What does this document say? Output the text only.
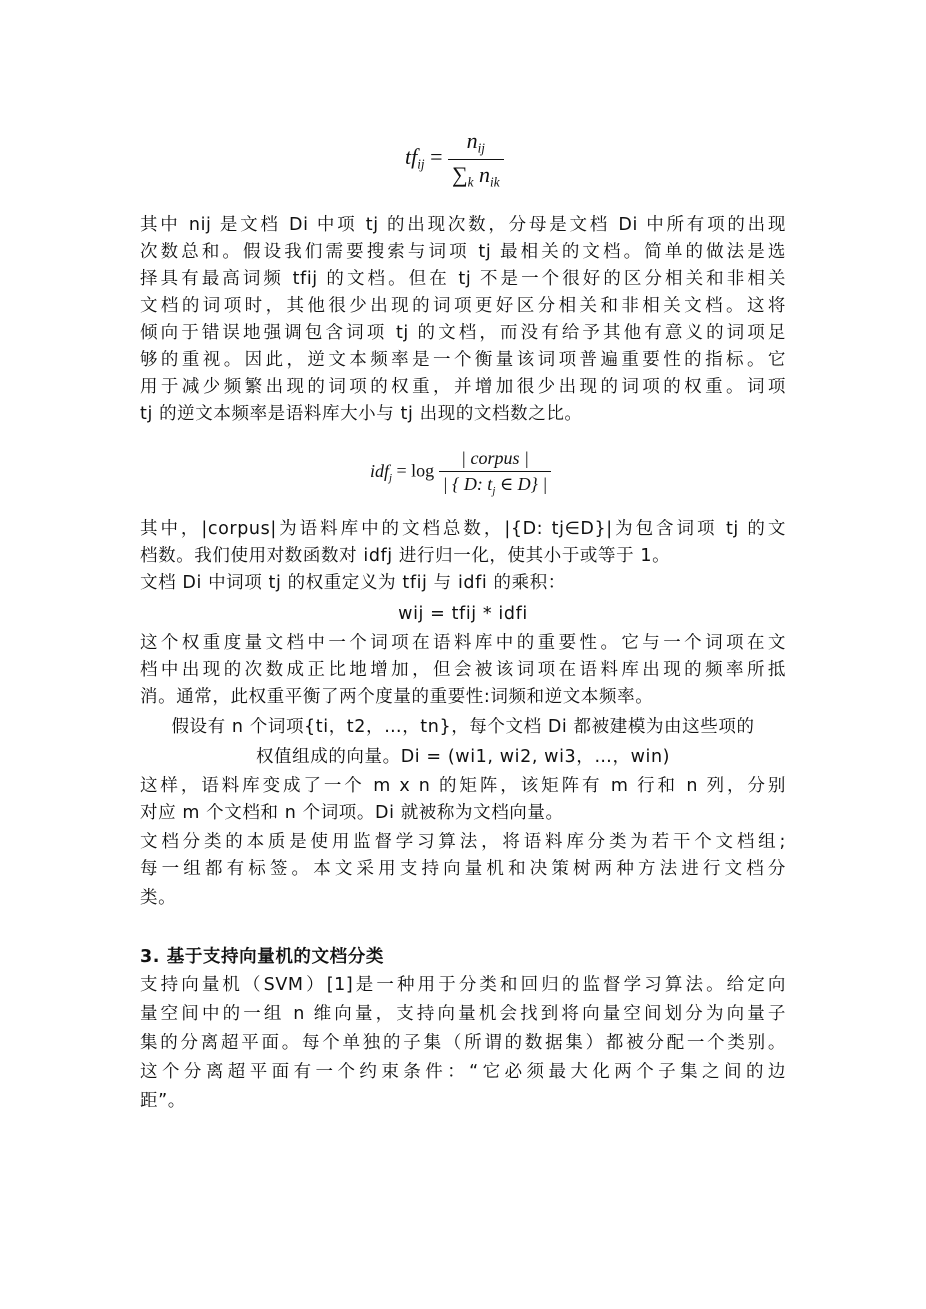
$tf_{ij} = \frac{n_{ij}}{\sum_k n_{ik}}$
其中 nij 是文档 Di 中项 tj 的出现次数，分母是文档 Di 中所有项的出现
次数总和。假设我们需要搜索与词项 tj 最相关的文档。简单的做法是选
择具有最高词频 tfij 的文档。但在 tj 不是一个很好的区分相关和非相关
文档的词项时，其他很少出现的词项更好区分相关和非相关文档。这将
倾向于错误地强调包含词项 tj 的文档，而没有给予其他有意义的词项足
够的重视。因此，逆文本频率是一个衡量该词项普遍重要性的指标。它
用于减少频繁出现的词项的权重，并增加很少出现的词项的权重。词项
tj 的逆文本频率是语料库大小与 tj 出现的文档数之比。
$idf_j = \log \frac{\text{| corpus |}}{| \{ D: t_j \in D\} |}$
其中，|corpus|为语料库中的文档总数，|{D: tj∈D}|为包含词项 tj 的文
档数。我们使用对数函数对 idfj 进行归一化，使其小于或等于 1。
文档 Di 中词项 tj 的权重定义为 tfij 与 idfi 的乘积：
wij = tfij * idfi
这个权重度量文档中一个词项在语料库中的重要性。它与一个词项在文
档中出现的次数成正比地增加，但会被该词项在语料库出现的频率所抵
消。通常，此权重平衡了两个度量的重要性:词频和逆文本频率。
假设有 n 个词项{ti，t2，…，tn}，每个文档 Di 都被建模为由这些项的
权值组成的向量。Di = (wi1, wi2, wi3，…，win)
这样，语料库变成了一个 m x n 的矩阵，该矩阵有 m 行和 n 列，分别
对应 m 个文档和 n 个词项。Di 就被称为文档向量。
文档分类的本质是使用监督学习算法，将语料库分类为若干个文档组;
每一组都有标签。本文采用支持向量机和决策树两种方法进行文档分
类。
3. 基于支持向量机的文档分类
支持向量机（SVM）[1]是一种用于分类和回归的监督学习算法。给定向
量空间中的一组 n 维向量，支持向量机会找到将向量空间划分为向量子
集的分离超平面。每个单独的子集（所谓的数据集）都被分配一个类别。
这个分离超平面有一个约束条件：“它必须最大化两个子集之间的边
距”。
